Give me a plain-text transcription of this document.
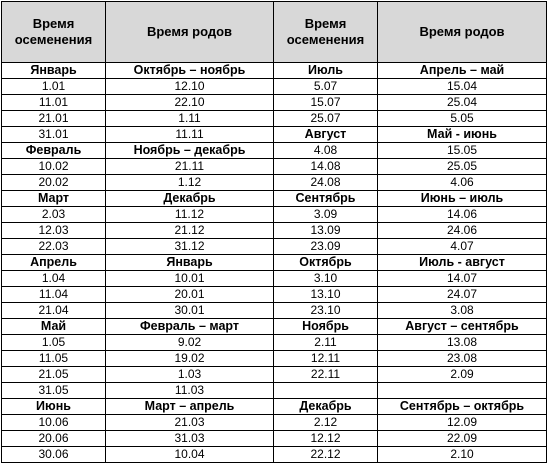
Время осеменения	Время родов	Время осеменения	Время родов
Январь	Октябрь – ноябрь	Июль	Апрель – май
1.01	12.10	5.07	15.04
11.01	22.10	15.07	25.04
21.01	1.11	25.07	5.05
31.01	11.11	Август	Май - июнь
Февраль	Ноябрь – декабрь	4.08	15.05
10.02	21.11	14.08	25.05
20.02	1.12	24.08	4.06
Март	Декабрь	Сентябрь	Июнь – июль
2.03	11.12	3.09	14.06
12.03	21.12	13.09	24.06
22.03	31.12	23.09	4.07
Апрель	Январь	Октябрь	Июль - август
1.04	10.01	3.10	14.07
11.04	20.01	13.10	24.07
21.04	30.01	23.10	3.08
Май	Февраль – март	Ноябрь	Август – сентябрь
1.05	9.02	2.11	13.08
11.05	19.02	12.11	23.08
21.05	1.03	22.11	2.09
31.05	11.03		
Июнь	Март – апрель	Декабрь	Сентябрь – октябрь
10.06	21.03	2.12	12.09
20.06	31.03	12.12	22.09
30.06	10.04	22.12	2.10
